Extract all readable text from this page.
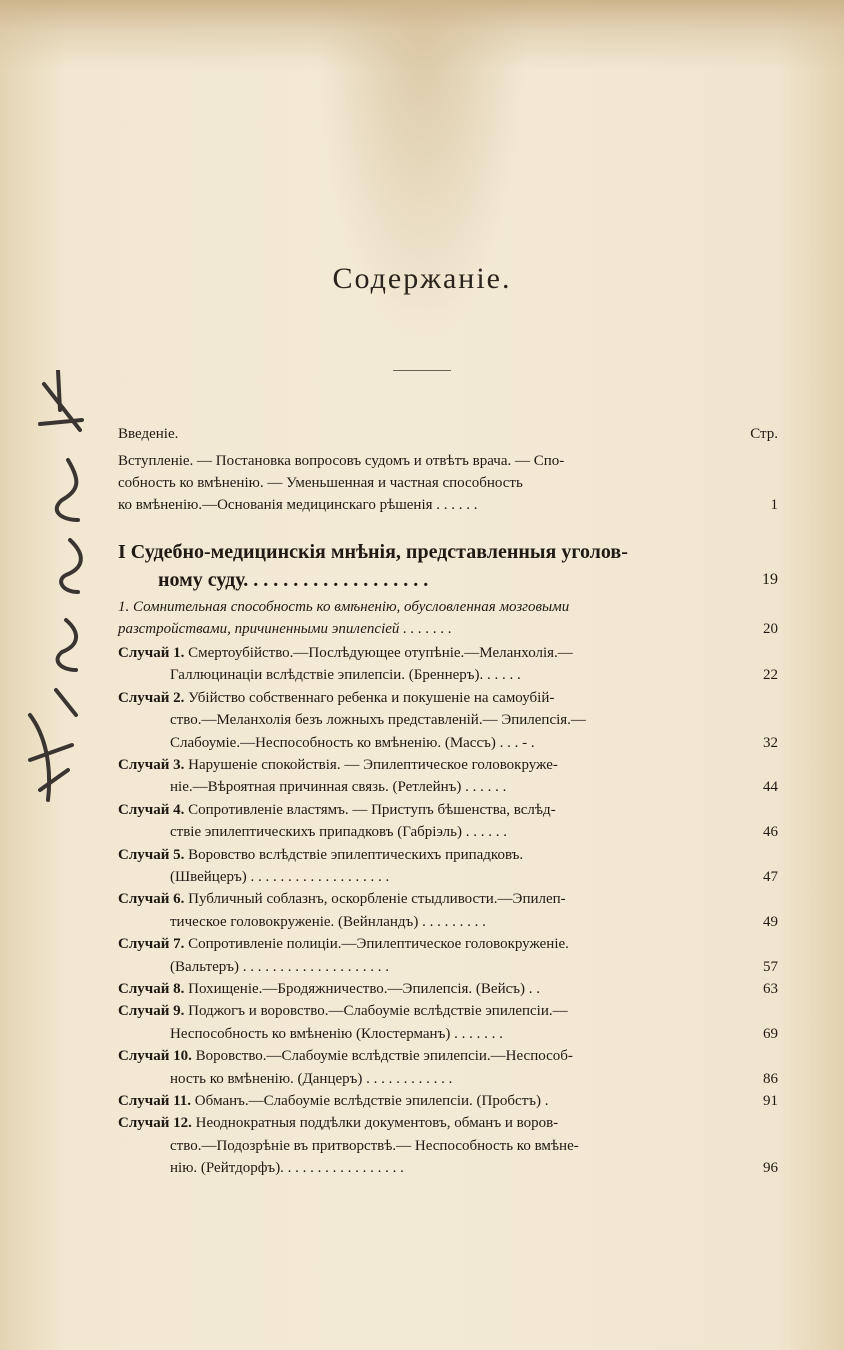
Содержаніе.
Введеніе.	Стр.
Вступленіе. — Постановка вопросовъ судомъ и отвѣтъ врача. — Спо-
собность ко вмѣненію. — Уменьшенная и частная способность
ко вмѣненію.—Основанія медицинскаго рѣшенія . . . . . .	1
I Судебно-медицинскія мнѣнія, представленныя уголов-
ному суду. . . . . . . . . . . . . . . . . . .	19
1. Сомнительная способность ко вмѣненію, обусловленная мозговыми
разстройствами, причиненными эпилепсіей . . . . . . .	20
Случай 1. Смертоубійство.—Послѣдующее отупѣніе.—Меланхолія.—
Галлюцинаціи вслѣдствіе эпилепсіи. (Бреннеръ). . . . . .	22
Случай 2. Убійство собственнаго ребенка и покушеніе на самоубій-
ство.—Меланхолія безъ ложныхъ представленій.— Эпилепсія.—
Слабоуміе.—Неспособность ко вмѣненію. (Массъ) . . . - .	32
Случай 3. Нарушеніе спокойствія. — Эпилептическое головокруже-
ніе.—Вѣроятная причинная связь. (Ретлейнъ) . . . . . .	44
Случай 4. Сопротивленіе властямъ. — Приступъ бѣшенства, вслѣд-
ствіе эпилептическихъ припадковъ (Габріэль) . . . . . .	46
Случай 5. Воровство вслѣдствіе эпилептическихъ припадковъ.
(Швейцеръ) . . . . . . . . . . . . . . . . . . .	47
Случай 6. Публичный соблазнъ, оскорбленіе стыдливости.—Эпилеп-
тическое головокруженіе. (Вейнландъ) . . . . . . . . .	49
Случай 7. Сопротивленіе полиціи.—Эпилептическое головокруженіе.
(Вальтеръ) . . . . . . . . . . . . . . . . . . . .	57
Случай 8. Похищеніе.—Бродяжничество.—Эпилепсія. (Вейсъ) . .	63
Случай 9. Поджогъ и воровство.—Слабоуміе вслѣдствіе эпилепсіи.—
Неспособность ко вмѣненію (Клостерманъ) . . . . . . .	69
Случай 10. Воровство.—Слабоуміе вслѣдствіе эпилепсіи.—Неспособ-
ность ко вмѣненію. (Данцеръ) . . . . . . . . . . . .	86
Случай 11. Обманъ.—Слабоуміе вслѣдствіе эпилепсіи. (Пробстъ) .	91
Случай 12. Неоднократныя поддѣлки документовъ, обманъ и воров-
ство.—Подозрѣніе въ притворствѣ.— Неспособность ко вмѣне-
нію. (Рейтдорфъ). . . . . . . . . . . . . . . . .	96
